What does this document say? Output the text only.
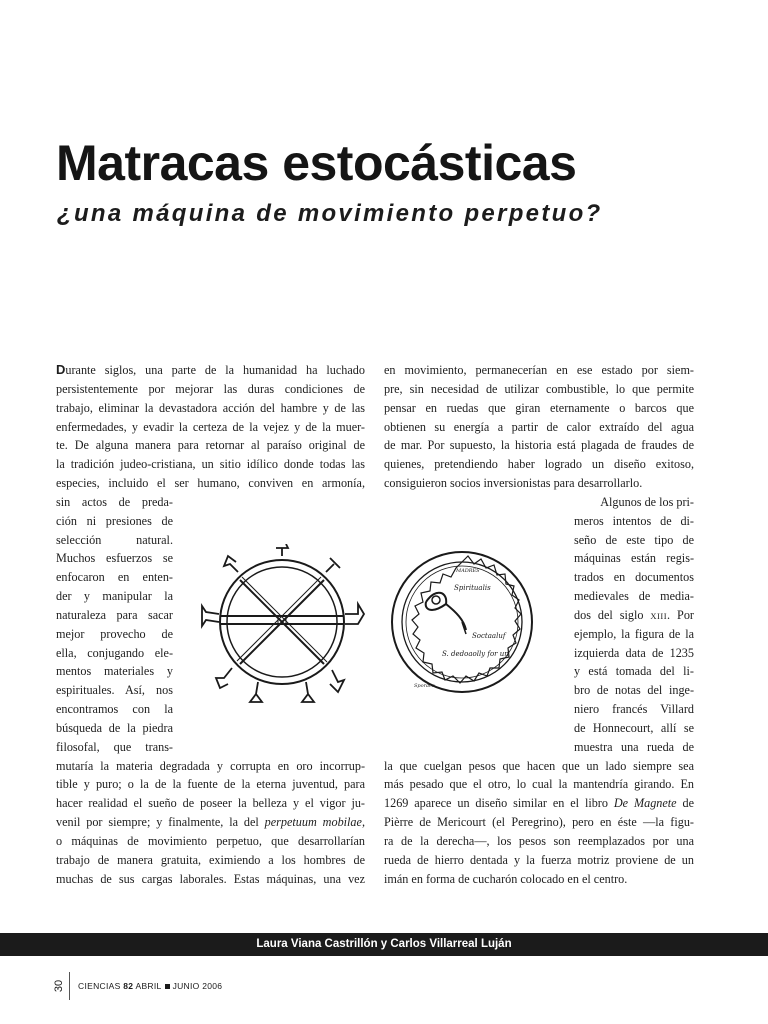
Matracas estocásticas
¿una máquina de movimiento perpetuo?
Durante siglos, una parte de la humanidad ha luchado
persistentemente por mejorar las duras condiciones de
trabajo, eliminar la devastadora acción del hambre y de las
enfermedades, y evadir la certeza de la vejez y de la muer-
te. De alguna manera para retornar al paraíso original de
la tradición judeo-cristiana, un sitio idílico donde todas las
especies, incluido el ser humano, conviven en armonía,
sin actos de preda-
ción ni presiones de
selección natural.
Muchos esfuerzos se
enfocaron en enten-
der y manipular la
naturaleza para sacar
mejor provecho de
ella, conjugando ele-
mentos materiales y
espirituales. Así, nos
encontramos con la
búsqueda de la piedra
filosofal, que trans-
mutaría la materia degradada y corrupta en oro incorrup-
tible y puro; o la de la fuente de la eterna juventud, para
hacer realidad el sueño de poseer la belleza y el vigor ju-
venil por siempre; y finalmente, la del perpetuum mobilae,
o máquinas de movimiento perpetuo, que desarrollarían
trabajo de manera gratuita, eximiendo a los hombres de
muchas de sus cargas laborales. Estas máquinas, una vez
en movimiento, permanecerían en ese estado por siem-
pre, sin necesidad de utilizar combustible, lo que permite
pensar en ruedas que giran eternamente o barcos que
obtienen su energía a partir de calor extraído del agua
de mar. Por supuesto, la historia está plagada de fraudes de
quienes, pretendiendo haber logrado un diseño exitoso,
consiguieron socios inversionistas para desarrollarlo.
Algunos de los pri-
meros intentos de di-
seño de este tipo de
máquinas están regis-
trados en documentos
medievales de media-
dos del siglo XIII. Por
ejemplo, la figura de la
izquierda data de 1235
y está tomada del li-
bro de notas del inge-
niero francés Villard
de Honnecourt, allí se
muestra una rueda de
la que cuelgan pesos que hacen que un lado siempre sea
más pesado que el otro, lo cual la mantendría girando. En
1269 aparece un diseño similar en el libro De Magnete de
Pièrre de Mericourt (el Peregrino), pero en éste —la figu-
ra de la derecha—, los pesos son reemplazados por una
rueda de hierro dentada y la fuerza motriz proviene de un
imán en forma de cucharón colocado en el centro.
MADRES
Spiritualis
Soctaaluf
S. dedoaolly for un
Sporacc
Laura Viana Castrillón y Carlos Villarreal Luján
30 CIENCIAS 82 ABRIL JUNIO 2006
